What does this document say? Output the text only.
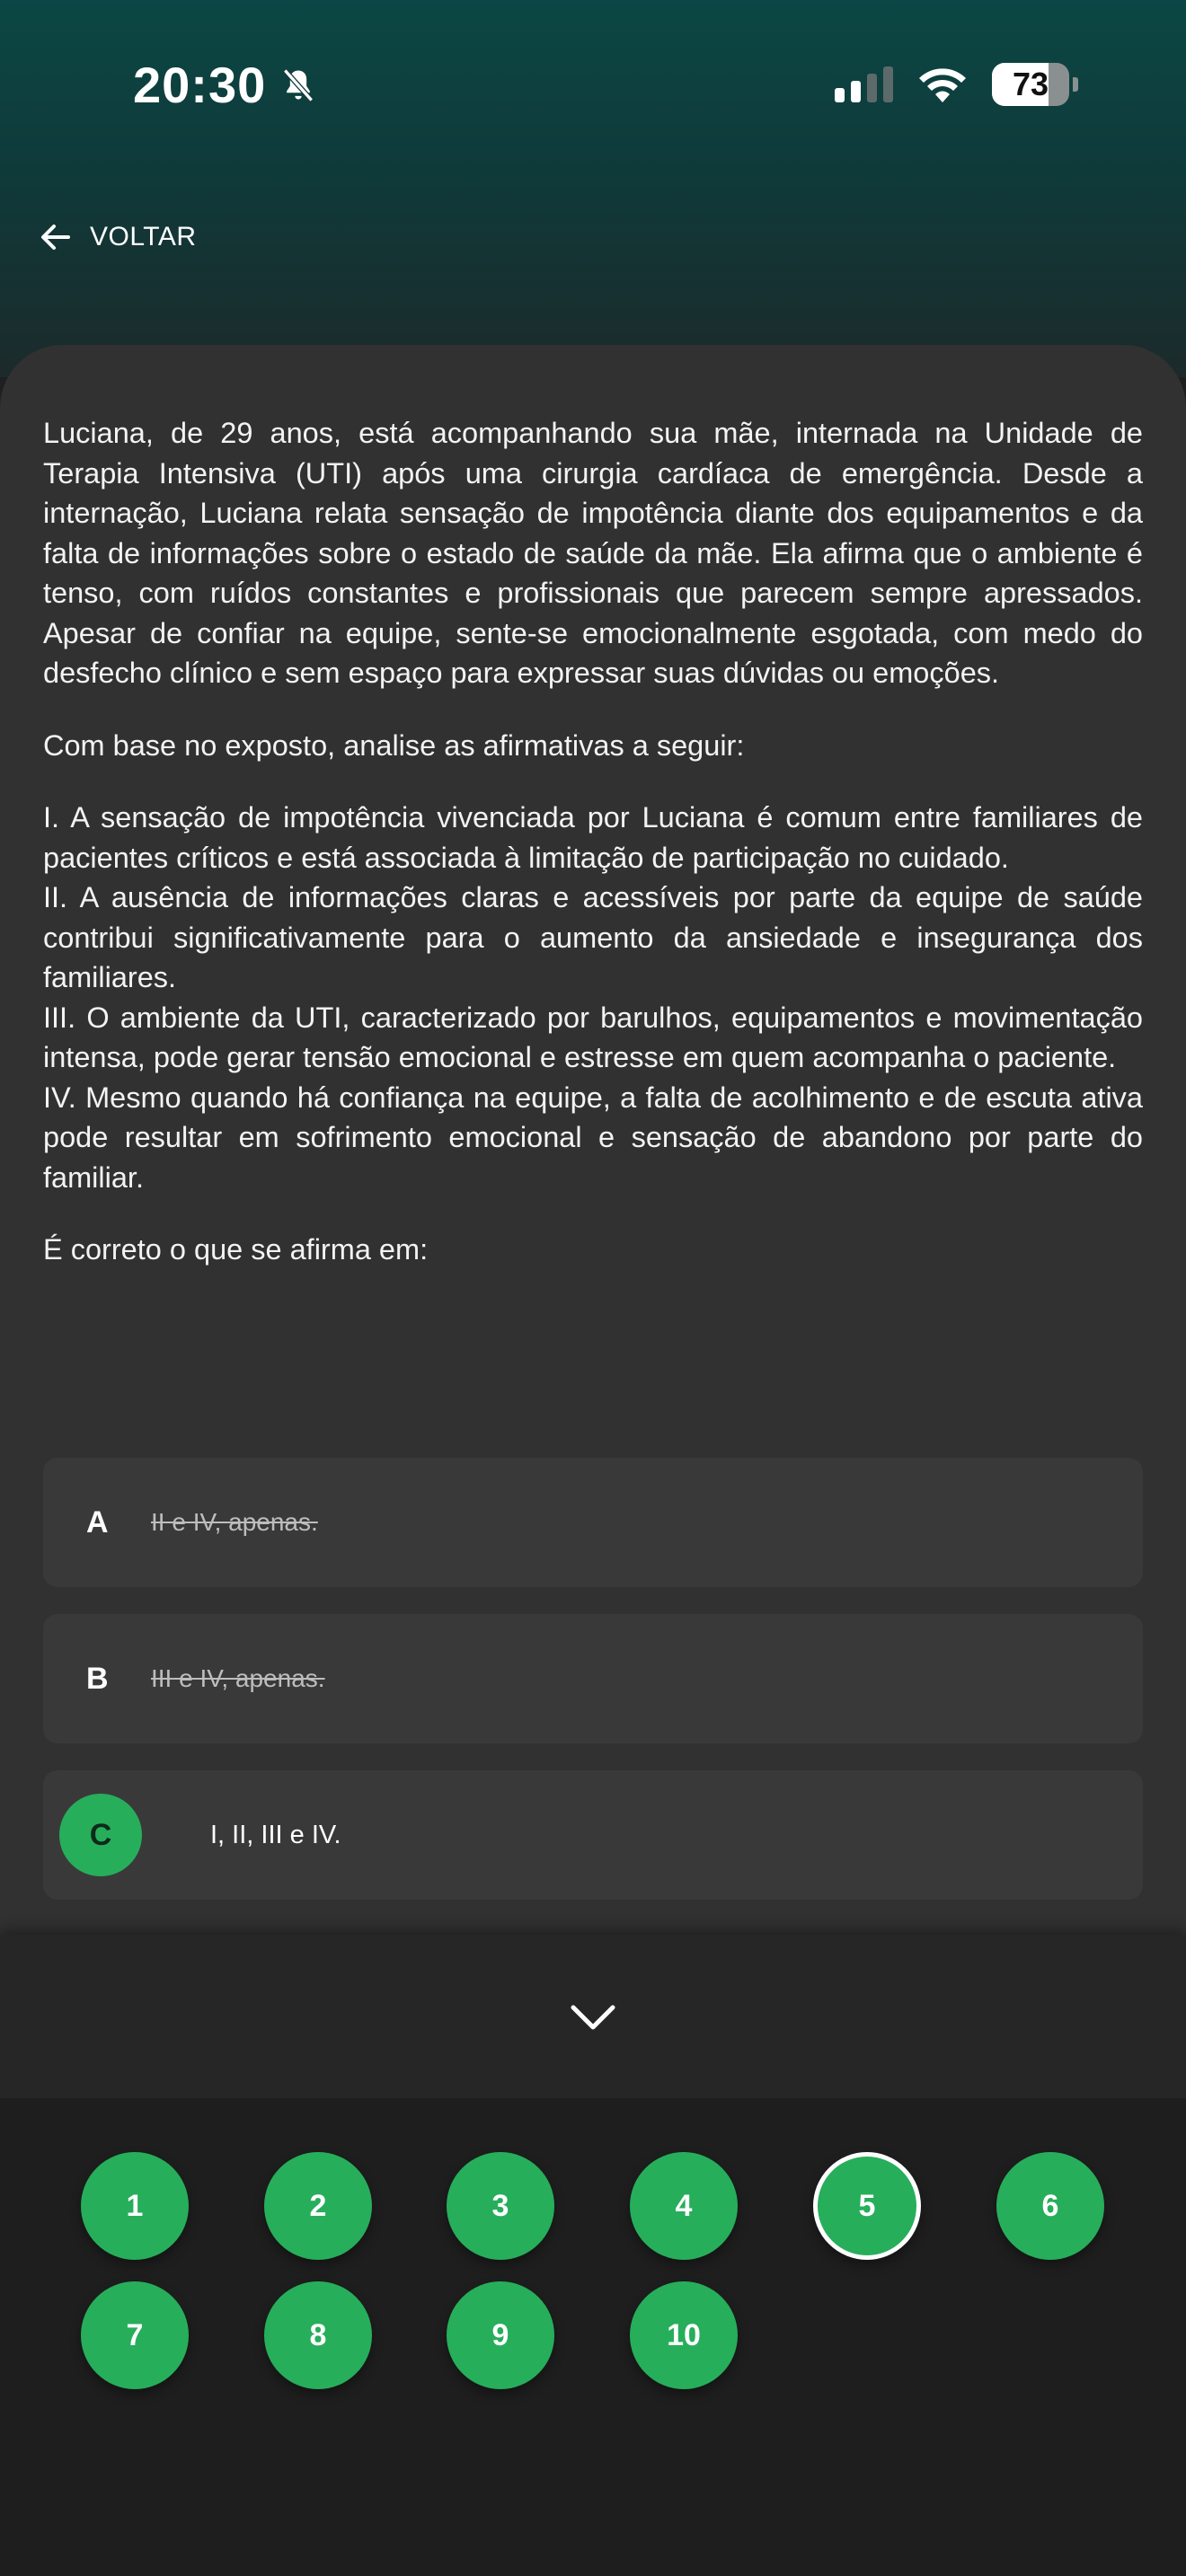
20:30	73
VOLTAR

Luciana, de 29 anos, está acompanhando sua mãe, internada na Unidade de Terapia Intensiva (UTI) após uma cirurgia cardíaca de emergência. Desde a internação, Luciana relata sensação de impotência diante dos equipamentos e da falta de informações sobre o estado de saúde da mãe. Ela afirma que o ambiente é tenso, com ruídos constantes e profissionais que parecem sempre apressados. Apesar de confiar na equipe, sente-se emocionalmente esgotada, com medo do desfecho clínico e sem espaço para expressar suas dúvidas ou emoções.

Com base no exposto, analise as afirmativas a seguir:

I. A sensação de impotência vivenciada por Luciana é comum entre familiares de pacientes críticos e está associada à limitação de participação no cuidado.
II. A ausência de informações claras e acessíveis por parte da equipe de saúde contribui significativamente para o aumento da ansiedade e insegurança dos familiares.
III. O ambiente da UTI, caracterizado por barulhos, equipamentos e movimentação intensa, pode gerar tensão emocional e estresse em quem acompanha o paciente.
IV. Mesmo quando há confiança na equipe, a falta de acolhimento e de escuta ativa pode resultar em sofrimento emocional e sensação de abandono por parte do familiar.

É correto o que se afirma em:

A	II e IV, apenas.
B	III e IV, apenas.
C	I, II, III e IV.
1	2	3	4	5	6
7	8	9	10
